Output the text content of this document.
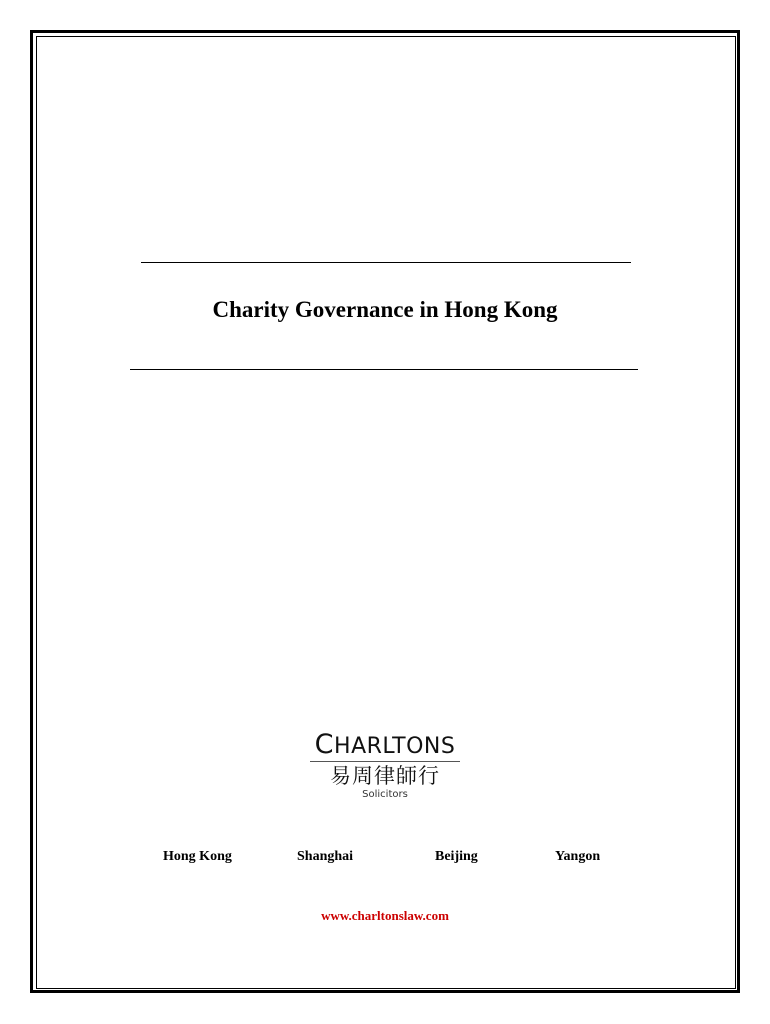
Charity Governance in Hong Kong
CHARLTONS
易周律師行
Solicitors
Hong Kong	Shanghai	Beijing	Yangon
www.charltonslaw.com
